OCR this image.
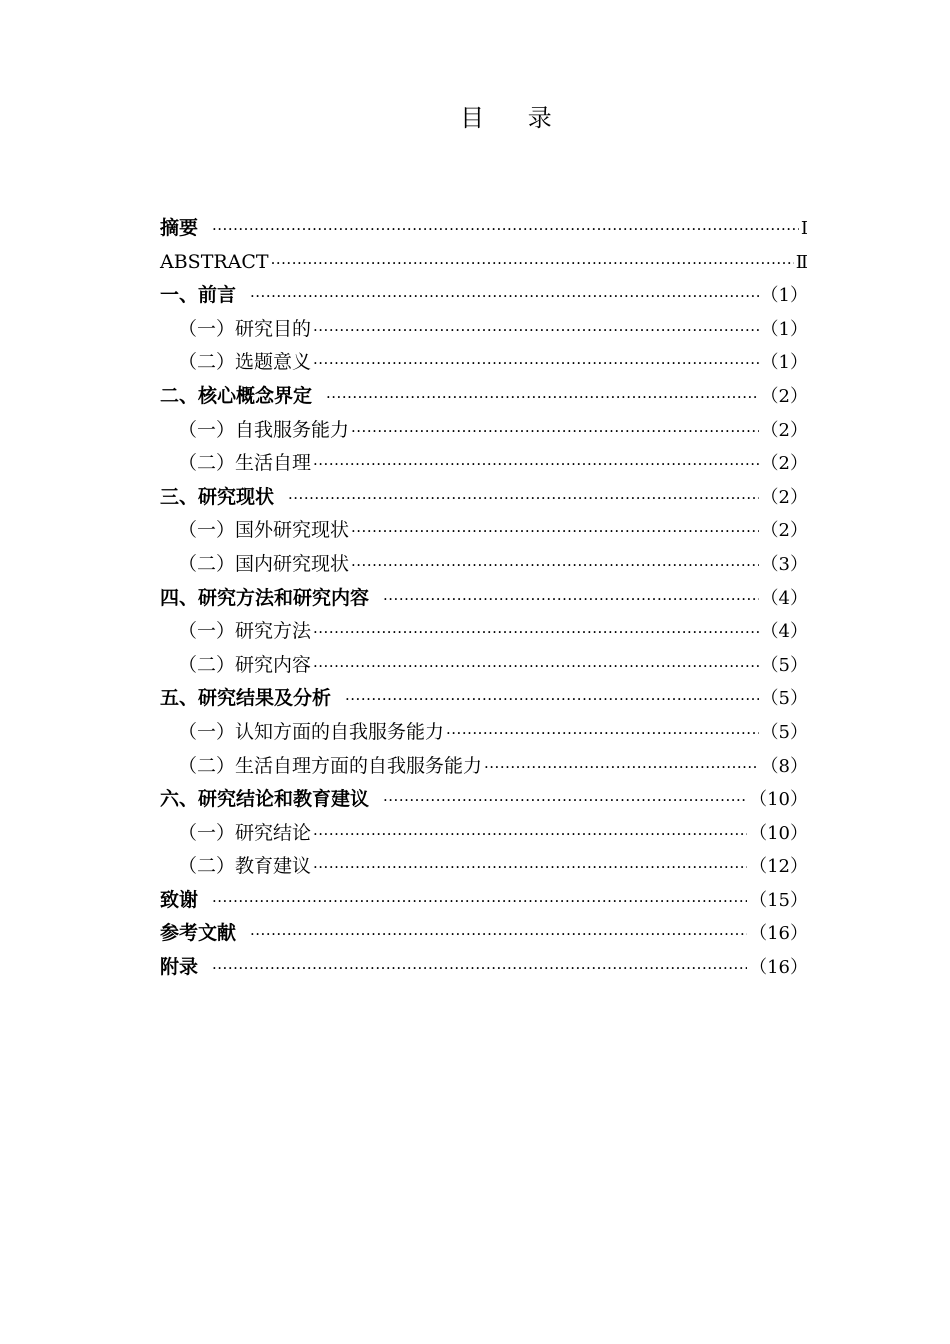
目 录
摘要 ·····	Ⅰ
ABSTRACT ·····	Ⅱ
一、前言 ·····	（1）
（一）研究目的 ·····	（1）
（二）选题意义 ·····	（1）
二、核心概念界定 ·····	（2）
（一）自我服务能力 ·····	（2）
（二）生活自理 ·····	（2）
三、研究现状 ·····	（2）
（一）国外研究现状 ·····	（2）
（二）国内研究现状 ·····	（3）
四、研究方法和研究内容 ·····	（4）
（一）研究方法 ·····	（4）
（二）研究内容 ·····	（5）
五、研究结果及分析 ·····	（5）
（一）认知方面的自我服务能力 ·····	（5）
（二）生活自理方面的自我服务能力 ·····	（8）
六、研究结论和教育建议 ·····	（10）
（一）研究结论 ·····	（10）
（二）教育建议 ·····	（12）
致谢 ·····	（15）
参考文献 ·····	（16）
附录 ·····	（16）
